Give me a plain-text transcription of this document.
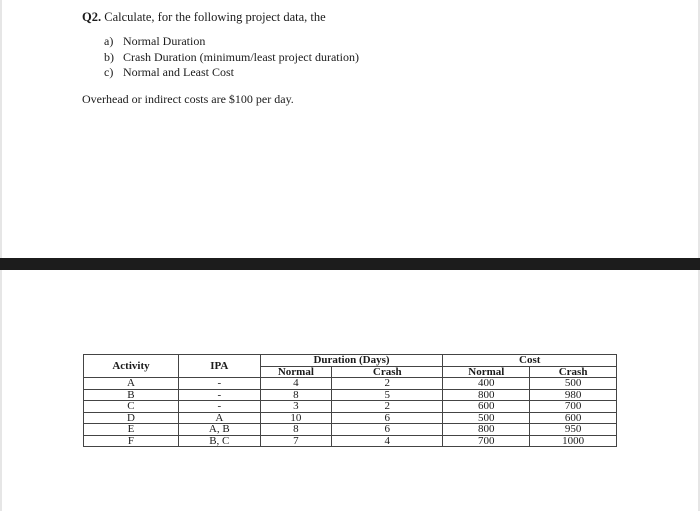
Q2. Calculate, for the following project data, the
a) Normal Duration
b) Crash Duration (minimum/least project duration)
c) Normal and Least Cost
Overhead or indirect costs are $100 per day.
Activity	IPA	Duration (Days)		Cost	
		Normal	Crash	Normal	Crash
A	-	4	2	400	500
B	-	8	5	800	980
C	-	3	2	600	700
D	A	10	6	500	600
E	A, B	8	6	800	950
F	B, C	7	4	700	1000
